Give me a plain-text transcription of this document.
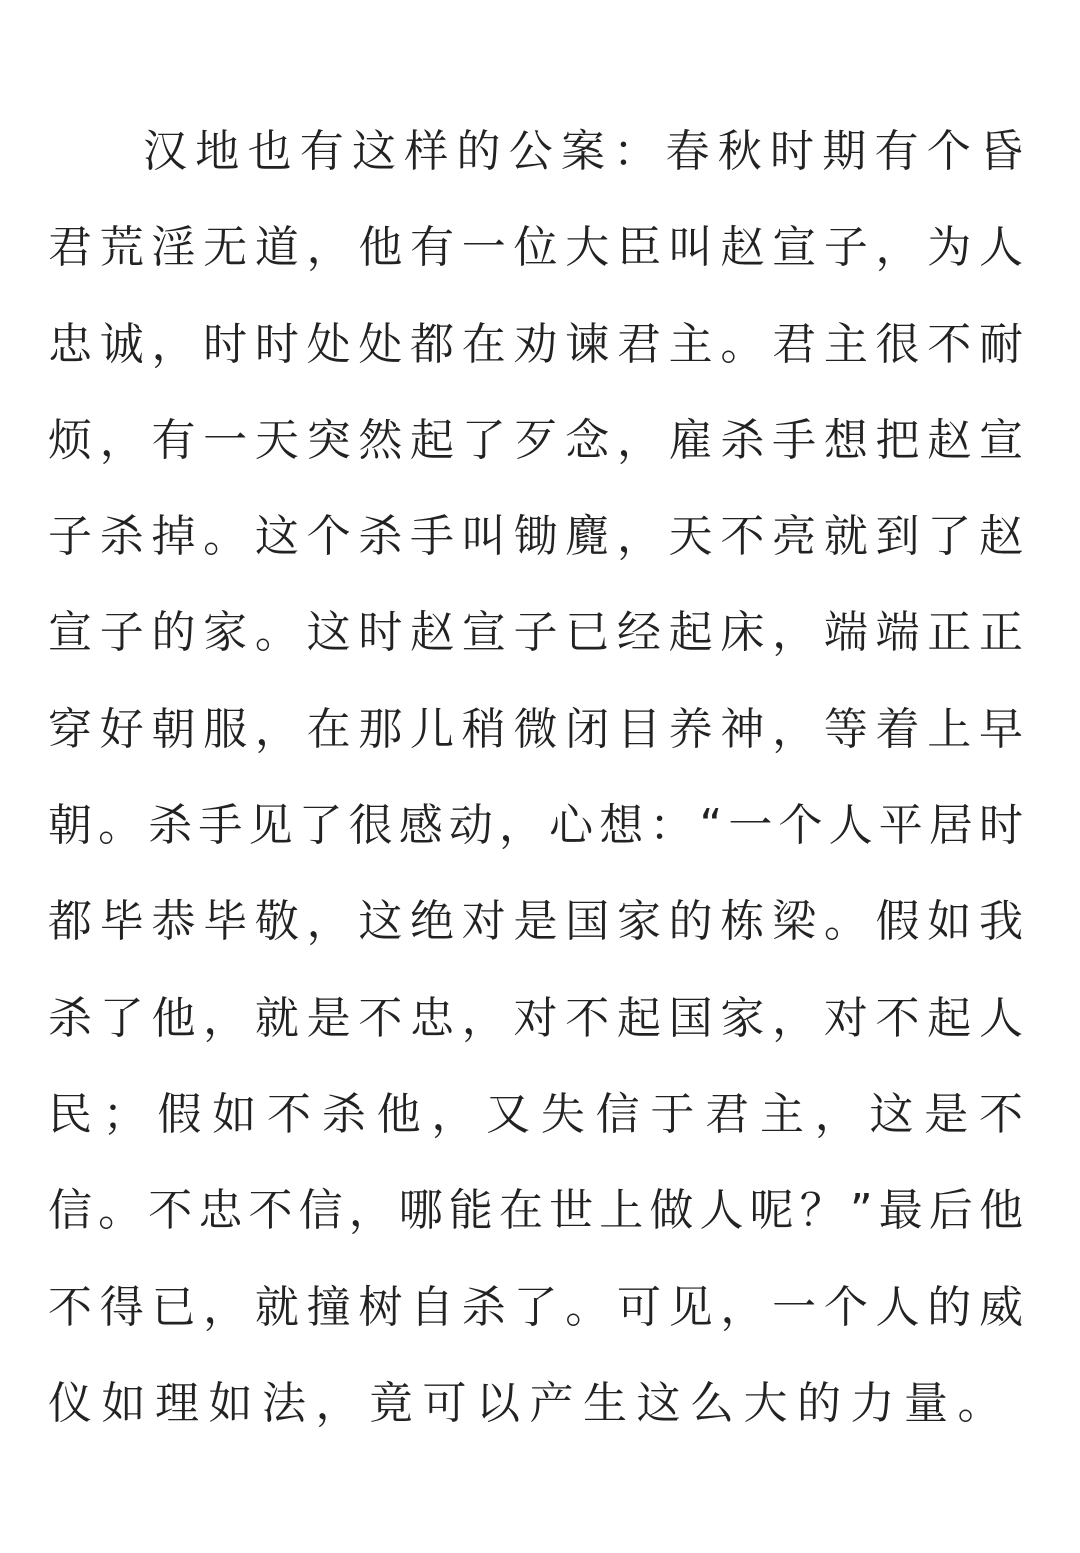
汉地也有这样的公案：春秋时期有个昏
君荒淫无道，他有一位大臣叫赵宣子，为人
忠诚，时时处处都在劝谏君主。君主很不耐
烦，有一天突然起了歹念，雇杀手想把赵宣
子杀掉。这个杀手叫锄麑，天不亮就到了赵
宣子的家。这时赵宣子已经起床，端端正正
穿好朝服，在那儿稍微闭目养神，等着上早
朝。杀手见了很感动，心想：“一个人平居时
都毕恭毕敬，这绝对是国家的栋梁。假如我
杀了他，就是不忠，对不起国家，对不起人
民；假如不杀他，又失信于君主，这是不
信。不忠不信，哪能在世上做人呢？”最后他
不得已，就撞树自杀了。可见，一个人的威
仪如理如法，竟可以产生这么大的力量。
